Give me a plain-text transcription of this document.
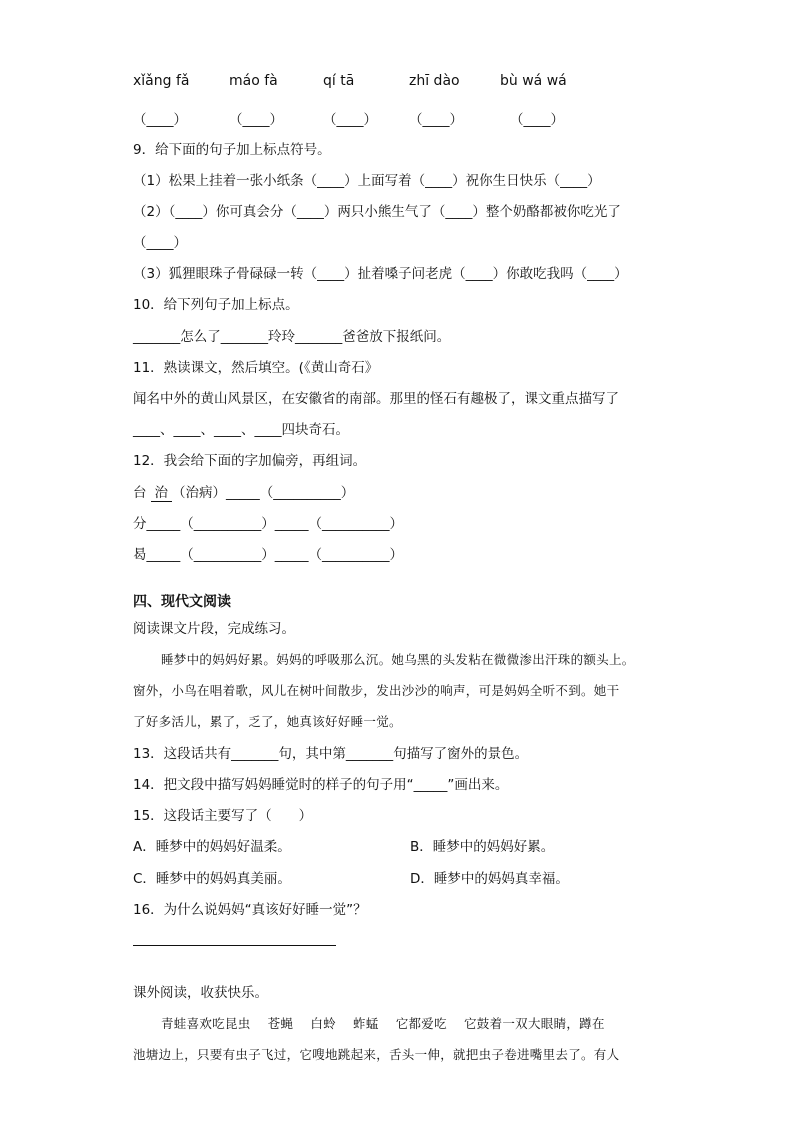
xǐǎng fǎ	máo fà	qí tā	zhī dào	bù wá wá
（____）	（____）	（____） （____）	（____）
9．给下面的句子加上标点符号。
（1）松果上挂着一张小纸条（____）上面写着（____）祝你生日快乐（____）
（2）（____）你可真会分（____）两只小熊生气了（____）整个奶酪都被你吃光了
（____）
（3）狐狸眼珠子骨碌碌一转（____）扯着嗓子问老虎（____）你敢吃我吗（____）
10．给下列句子加上标点。
_______怎么了_______玲玲_______爸爸放下报纸问。
11．熟读课文，然后填空。(《黄山奇石》
闻名中外的黄山风景区，在安徽省的南部。那里的怪石有趣极了，课文重点描写了
____、____、____、____四块奇石。
12．我会给下面的字加偏旁，再组词。
台 治 （治病）_____（__________）
分_____（__________）_____（__________）
曷_____（__________）_____（__________）
四、现代文阅读
阅读课文片段，完成练习。
睡梦中的妈妈好累。妈妈的呼吸那么沉。她乌黑的头发粘在微微渗出汗珠的额头上。
窗外，小鸟在唱着歌，风儿在树叶间散步，发出沙沙的响声，可是妈妈全听不到。她干
了好多活儿，累了，乏了，她真该好好睡一觉。
13．这段话共有_______句，其中第_______句描写了窗外的景色。
14．把文段中描写妈妈睡觉时的样子的句子用“_____”画出来。
15．这段话主要写了（　　）
A．睡梦中的妈妈好温柔。	B．睡梦中的妈妈好累。
C．睡梦中的妈妈真美丽。	D．睡梦中的妈妈真幸福。
16．为什么说妈妈“真该好好睡一觉”？
课外阅读，收获快乐。
青蛙喜欢吃昆虫　 苍蝇　 白蛉　 蚱蜢　 它都爱吃　 它鼓着一双大眼睛，蹲在
池塘边上，只要有虫子飞过，它嗖地跳起来，舌头一伸，就把虫子卷进嘴里去了。有人
